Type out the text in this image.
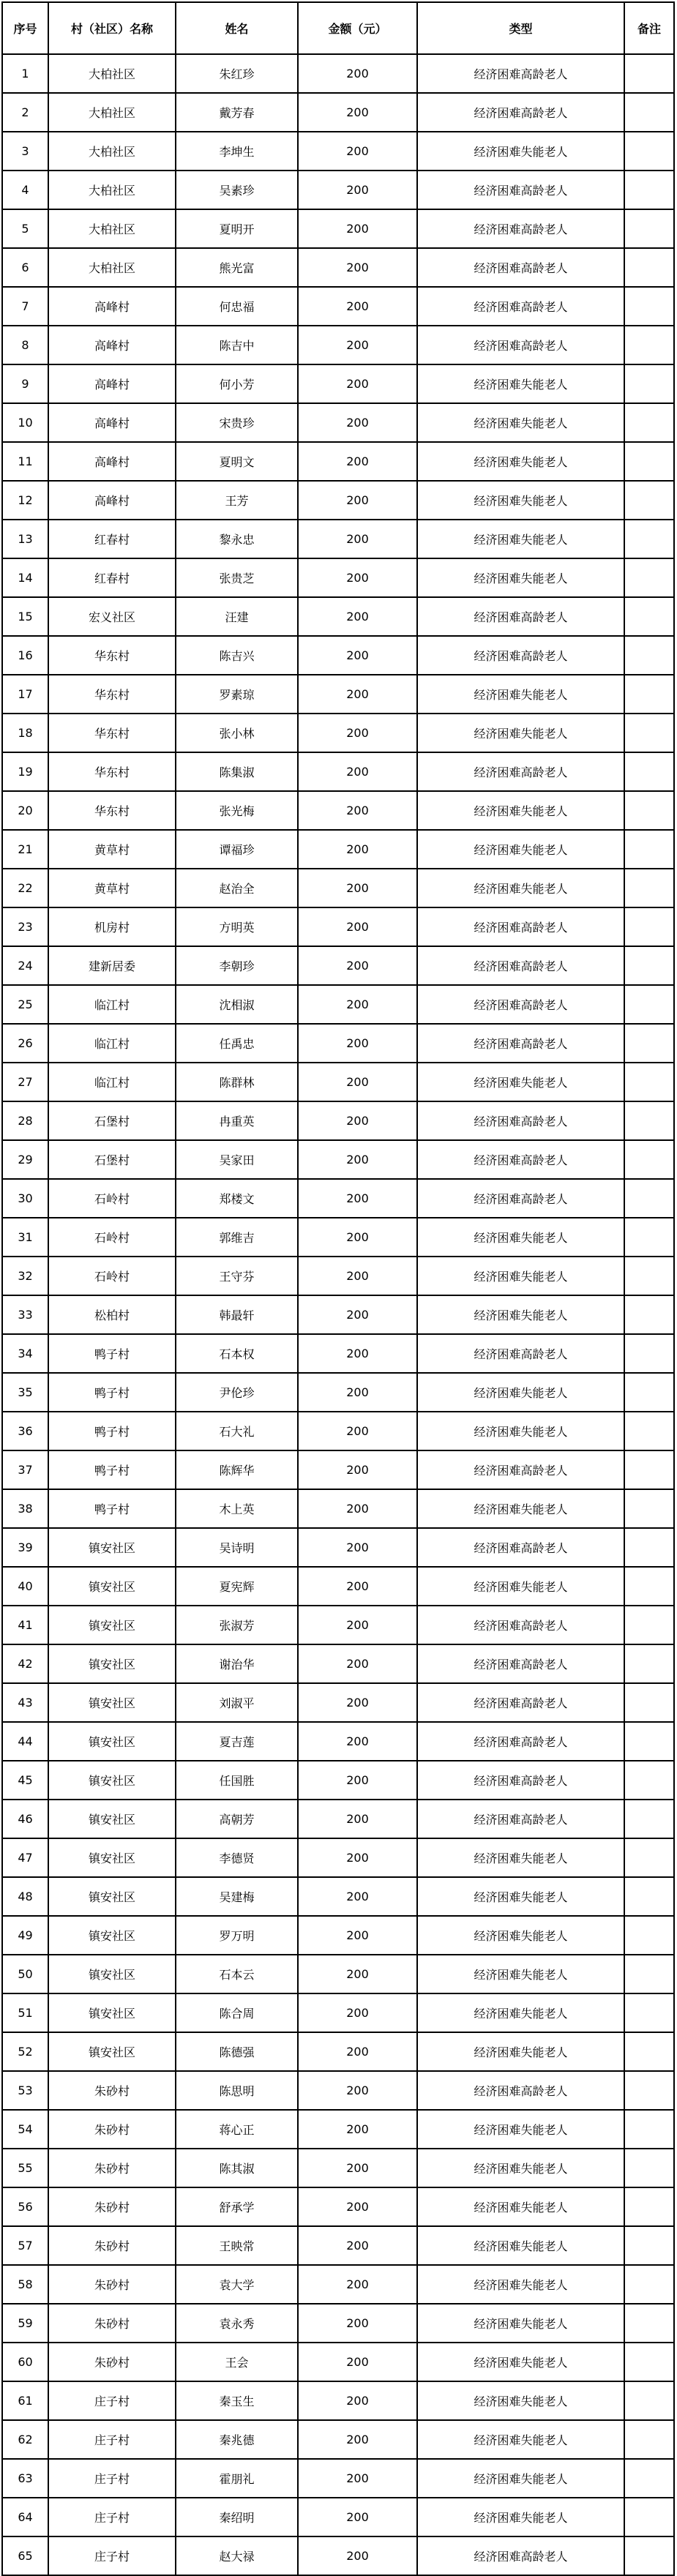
序号	村（社区）名称	姓名	金额（元）	类型	备注
1	大柏社区	朱红珍	200	经济困难高龄老人	
2	大柏社区	戴芳春	200	经济困难高龄老人	
3	大柏社区	李坤生	200	经济困难失能老人	
4	大柏社区	吴素珍	200	经济困难高龄老人	
5	大柏社区	夏明开	200	经济困难高龄老人	
6	大柏社区	熊光富	200	经济困难高龄老人	
7	高峰村	何忠福	200	经济困难高龄老人	
8	高峰村	陈吉中	200	经济困难高龄老人	
9	高峰村	何小芳	200	经济困难失能老人	
10	高峰村	宋贵珍	200	经济困难失能老人	
11	高峰村	夏明文	200	经济困难失能老人	
12	高峰村	王芳	200	经济困难失能老人	
13	红春村	黎永忠	200	经济困难失能老人	
14	红春村	张贵芝	200	经济困难失能老人	
15	宏义社区	汪建	200	经济困难高龄老人	
16	华东村	陈吉兴	200	经济困难高龄老人	
17	华东村	罗素琼	200	经济困难失能老人	
18	华东村	张小林	200	经济困难失能老人	
19	华东村	陈集淑	200	经济困难高龄老人	
20	华东村	张光梅	200	经济困难失能老人	
21	黄草村	谭福珍	200	经济困难失能老人	
22	黄草村	赵治全	200	经济困难失能老人	
23	机房村	方明英	200	经济困难高龄老人	
24	建新居委	李朝珍	200	经济困难高龄老人	
25	临江村	沈相淑	200	经济困难高龄老人	
26	临江村	任禹忠	200	经济困难高龄老人	
27	临江村	陈群林	200	经济困难失能老人	
28	石堡村	冉重英	200	经济困难高龄老人	
29	石堡村	吴家田	200	经济困难高龄老人	
30	石岭村	郑楼文	200	经济困难高龄老人	
31	石岭村	郭维吉	200	经济困难失能老人	
32	石岭村	王守芬	200	经济困难失能老人	
33	松柏村	韩最轩	200	经济困难失能老人	
34	鸭子村	石本权	200	经济困难高龄老人	
35	鸭子村	尹伦珍	200	经济困难失能老人	
36	鸭子村	石大礼	200	经济困难失能老人	
37	鸭子村	陈辉华	200	经济困难高龄老人	
38	鸭子村	木上英	200	经济困难失能老人	
39	镇安社区	吴诗明	200	经济困难高龄老人	
40	镇安社区	夏宪辉	200	经济困难失能老人	
41	镇安社区	张淑芳	200	经济困难高龄老人	
42	镇安社区	谢治华	200	经济困难高龄老人	
43	镇安社区	刘淑平	200	经济困难高龄老人	
44	镇安社区	夏吉莲	200	经济困难高龄老人	
45	镇安社区	任国胜	200	经济困难高龄老人	
46	镇安社区	高朝芳	200	经济困难高龄老人	
47	镇安社区	李德贤	200	经济困难失能老人	
48	镇安社区	吴建梅	200	经济困难失能老人	
49	镇安社区	罗万明	200	经济困难失能老人	
50	镇安社区	石本云	200	经济困难失能老人	
51	镇安社区	陈合周	200	经济困难失能老人	
52	镇安社区	陈德强	200	经济困难失能老人	
53	朱砂村	陈思明	200	经济困难高龄老人	
54	朱砂村	蒋心正	200	经济困难失能老人	
55	朱砂村	陈其淑	200	经济困难失能老人	
56	朱砂村	舒承学	200	经济困难失能老人	
57	朱砂村	王映常	200	经济困难失能老人	
58	朱砂村	袁大学	200	经济困难失能老人	
59	朱砂村	袁永秀	200	经济困难失能老人	
60	朱砂村	王会	200	经济困难失能老人	
61	庄子村	秦玉生	200	经济困难失能老人	
62	庄子村	秦兆德	200	经济困难失能老人	
63	庄子村	霍朋礼	200	经济困难失能老人	
64	庄子村	秦绍明	200	经济困难失能老人	
65	庄子村	赵大禄	200	经济困难高龄老人	
